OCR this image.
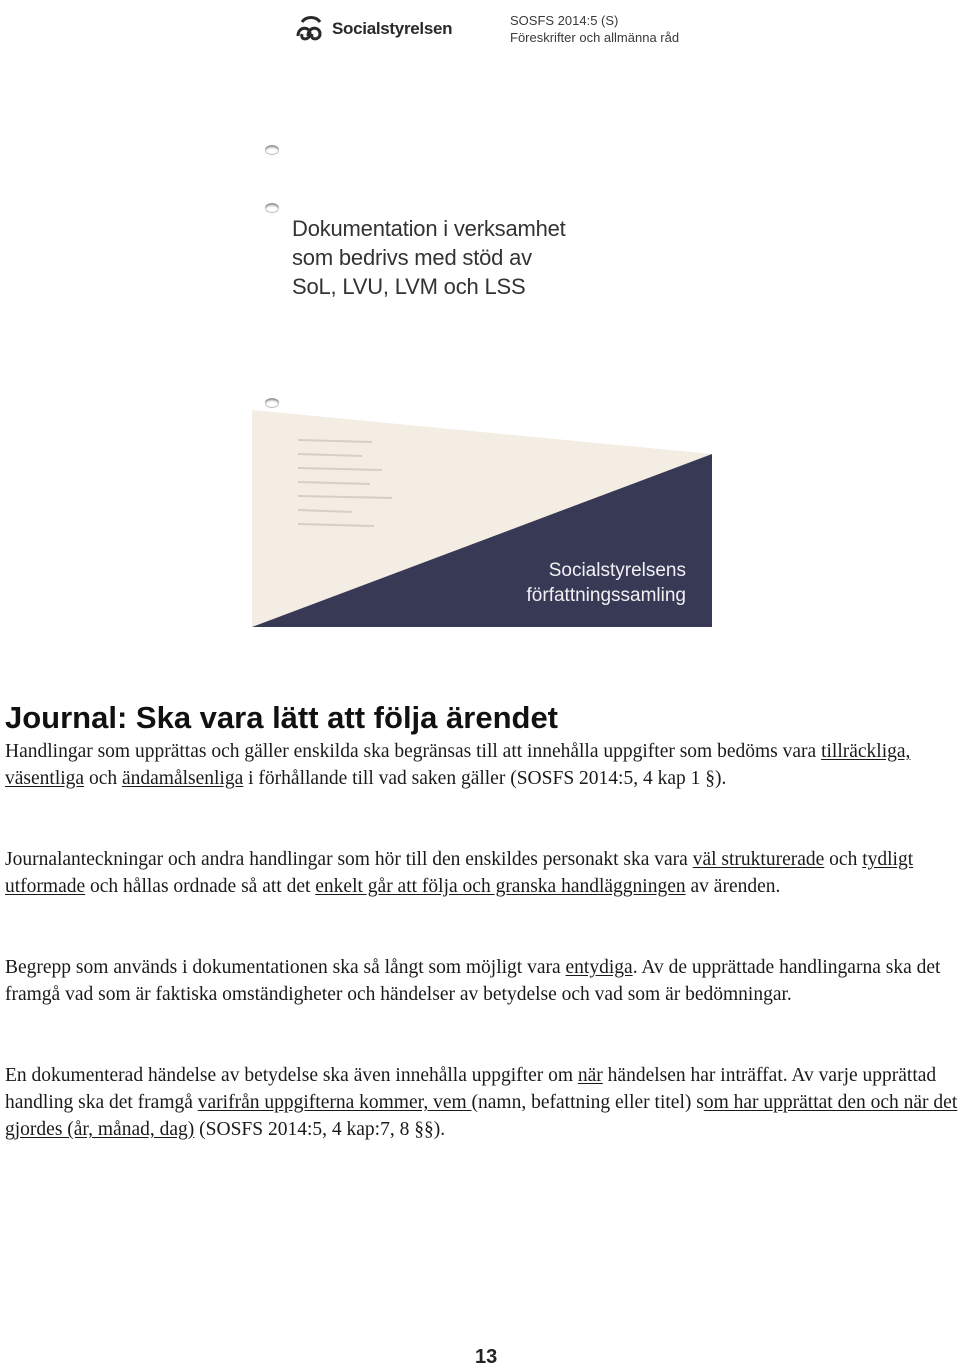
Socialstyrelsen	SOSFS 2014:5 (S)
Föreskrifter och allmänna råd
Dokumentation i verksamhet
som bedrivs med stöd av
SoL, LVU, LVM och LSS
Socialstyrelsens
författningssamling
Journal: Ska vara lätt att följa ärendet

Handlingar som upprättas och gäller enskilda ska begränsas till att innehålla uppgifter som bedöms vara tillräckliga, väsentliga och ändamålsenliga i förhållande till vad saken gäller (SOSFS 2014:5, 4 kap 1 §).

Journalanteckningar och andra handlingar som hör till den enskildes personakt ska vara väl strukturerade och tydligt utformade och hållas ordnade så att det enkelt går att följa och granska handläggningen av ärenden.

Begrepp som används i dokumentationen ska så långt som möjligt vara entydiga. Av de upprättade handlingarna ska det framgå vad som är faktiska omständigheter och händelser av betydelse och vad som är bedömningar.

En dokumenterad händelse av betydelse ska även innehålla uppgifter om när händelsen har inträffat. Av varje upprättad handling ska det framgå varifrån uppgifterna kommer, vem (namn, befattning eller titel) som har upprättat den och när det gjordes (år, månad, dag) (SOSFS 2014:5, 4 kap:7, 8 §§).

13
